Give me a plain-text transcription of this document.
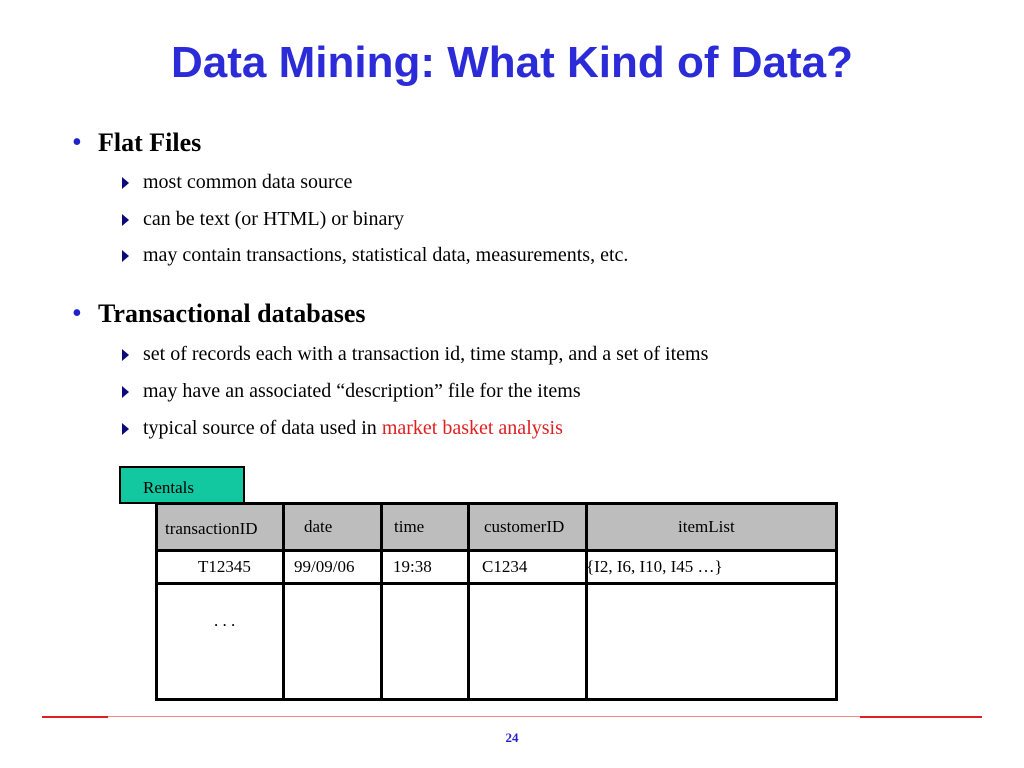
Data Mining: What Kind of Data?
• Flat Files
most common data source
can be text (or HTML) or binary
may contain transactions, statistical data, measurements, etc.
• Transactional databases
set of records each with a transaction id, time stamp, and a set of items
may have an associated “description” file for the items
typical source of data used in market basket analysis
Rentals
transactionID	date	time	customerID	itemList
T12345	99/09/06 19:38	C1234	{I2, I6, I10, I45 …}
. . .
24
